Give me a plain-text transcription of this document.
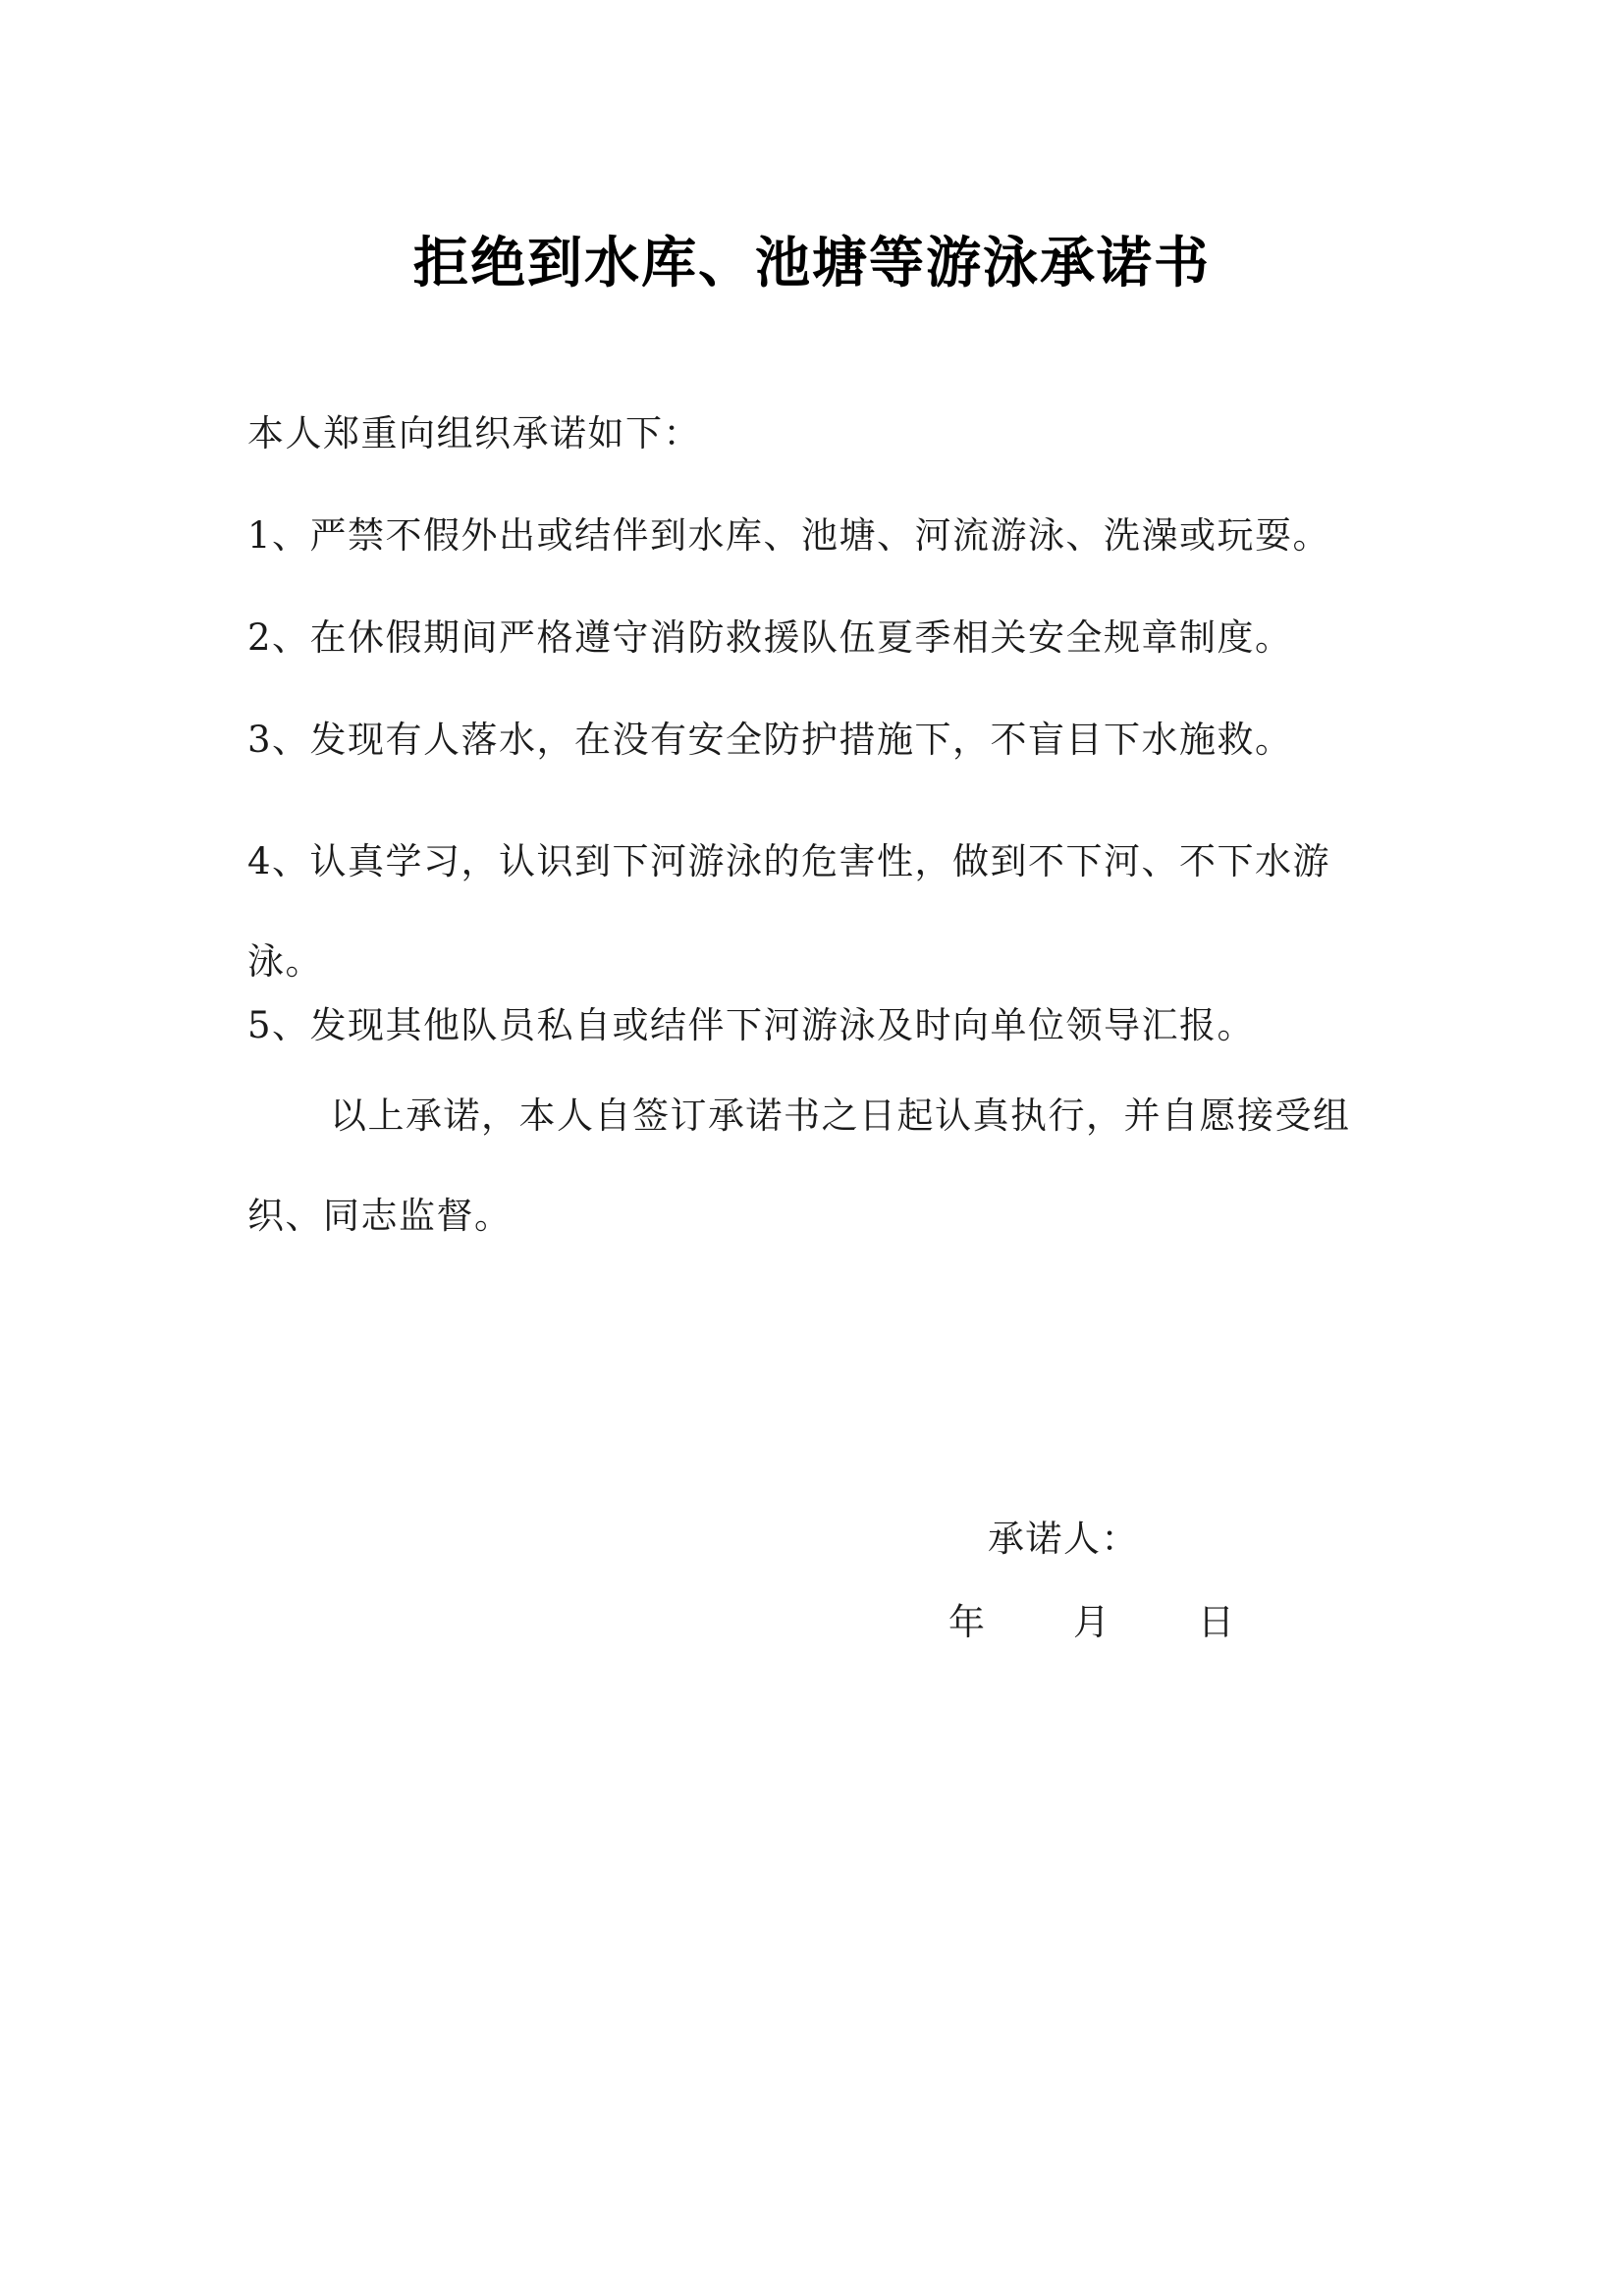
拒绝到水库、池塘等游泳承诺书
本人郑重向组织承诺如下：
1、严禁不假外出或结伴到水库、池塘、河流游泳、洗澡或玩耍。
2、在休假期间严格遵守消防救援队伍夏季相关安全规章制度。
3、发现有人落水，在没有安全防护措施下，不盲目下水施救。
4、认真学习，认识到下河游泳的危害性，做到不下河、不下水游泳。
5、发现其他队员私自或结伴下河游泳及时向单位领导汇报。
以上承诺，本人自签订承诺书之日起认真执行，并自愿接受组织、同志监督。
承诺人：
年 月 日
